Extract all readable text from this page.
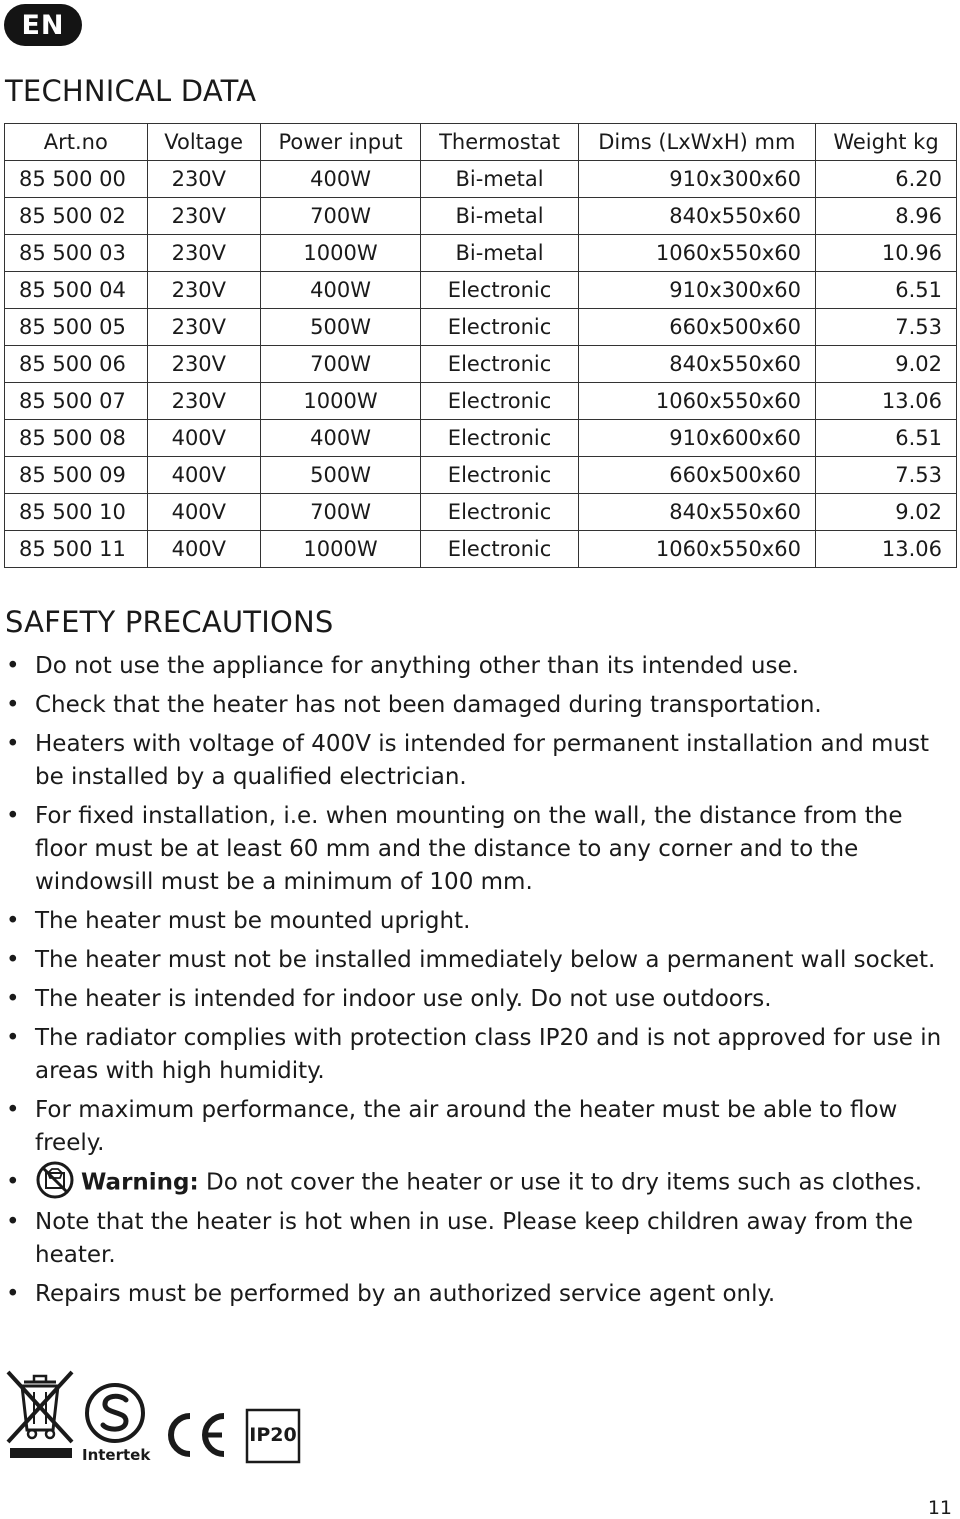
EN
TECHNICAL DATA
Art.no	Voltage	Power input	Thermostat	Dims (LxWxH) mm	Weight kg
85 500 00	230V	400W	Bi-metal	910x300x60	6.20
85 500 02	230V	700W	Bi-metal	840x550x60	8.96
85 500 03	230V	1000W	Bi-metal	1060x550x60	10.96
85 500 04	230V	400W	Electronic	910x300x60	6.51
85 500 05	230V	500W	Electronic	660x500x60	7.53
85 500 06	230V	700W	Electronic	840x550x60	9.02
85 500 07	230V	1000W	Electronic	1060x550x60	13.06
85 500 08	400V	400W	Electronic	910x600x60	6.51
85 500 09	400V	500W	Electronic	660x500x60	7.53
85 500 10	400V	700W	Electronic	840x550x60	9.02
85 500 11	400V	1000W	Electronic	1060x550x60	13.06
SAFETY PRECAUTIONS
• Do not use the appliance for anything other than its intended use.
• Check that the heater has not been damaged during transportation.
• Heaters with voltage of 400V is intended for permanent installation and must be installed by a qualified electrician.
• For fixed installation, i.e. when mounting on the wall, the distance from the floor must be at least 60 mm and the distance to any corner and to the windowsill must be a minimum of 100 mm.
• The heater must be mounted upright.
• The heater must not be installed immediately below a permanent wall socket.
• The heater is intended for indoor use only. Do not use outdoors.
• The radiator complies with protection class IP20 and is not approved for use in areas with high humidity.
• For maximum performance, the air around the heater must be able to flow freely.
•	Warning: Do not cover the heater or use it to dry items such as clothes.
• Note that the heater is hot when in use. Please keep children away from the heater.
• Repairs must be performed by an authorized service agent only.
Intertek
IP20
11
